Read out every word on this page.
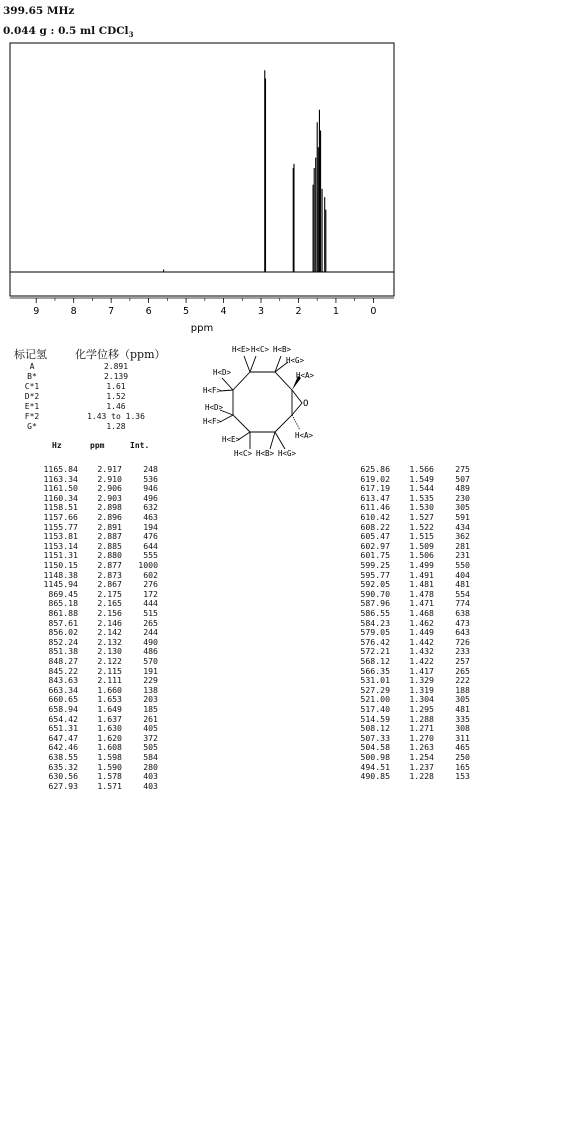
399.65 MHz
0.044 g : 0.5 ml CDCl$_3$
9	8	7	6	5	4	3	2	1	0
ppm
H<E> H<C> H<B>
H<G>
H<A>
H<D>
H<F>
H<D>
H<F>
O
H<A>
H<E>
H<C> H<B> H<G>
标记氢	化学位移（ppm）
A	2.891
B*	2.139
C*1	1.61
D*2	1.52
E*1	1.46
F*2	1.43 to 1.36
G*	1.28
Hz	ppm	Int.
1165.84	2.917	248
1163.34	2.910	536
1161.50	2.906	946
1160.34	2.903	496
1158.51	2.898	632
1157.66	2.896	463
1155.77	2.891	194
1153.81	2.887	476
1153.14	2.885	644
1151.31	2.880	555
1150.15	2.877	1000
1148.38	2.873	602
1145.94	2.867	276
869.45	2.175	172
865.18	2.165	444
861.88	2.156	515
857.61	2.146	265
856.02	2.142	244
852.24	2.132	490
851.38	2.130	486
848.27	2.122	570
845.22	2.115	191
843.63	2.111	229
663.34	1.660	138
660.65	1.653	203
658.94	1.649	185
654.42	1.637	261
651.31	1.630	405
647.47	1.620	372
642.46	1.608	505
638.55	1.598	584
635.32	1.590	280
630.56	1.578	403
627.93	1.571	403
625.86	1.566	275
619.02	1.549	507
617.19	1.544	489
613.47	1.535	230
611.46	1.530	305
610.42	1.527	591
608.22	1.522	434
605.47	1.515	362
602.97	1.509	281
601.75	1.506	231
599.25	1.499	550
595.77	1.491	404
592.05	1.481	481
590.70	1.478	554
587.96	1.471	774
586.55	1.468	638
584.23	1.462	473
579.05	1.449	643
576.42	1.442	726
572.21	1.432	233
568.12	1.422	257
566.35	1.417	265
531.01	1.329	222
527.29	1.319	188
521.00	1.304	305
517.40	1.295	481
514.59	1.288	335
508.12	1.271	308
507.33	1.270	311
504.58	1.263	465
500.98	1.254	250
494.51	1.237	165
490.85	1.228	153
